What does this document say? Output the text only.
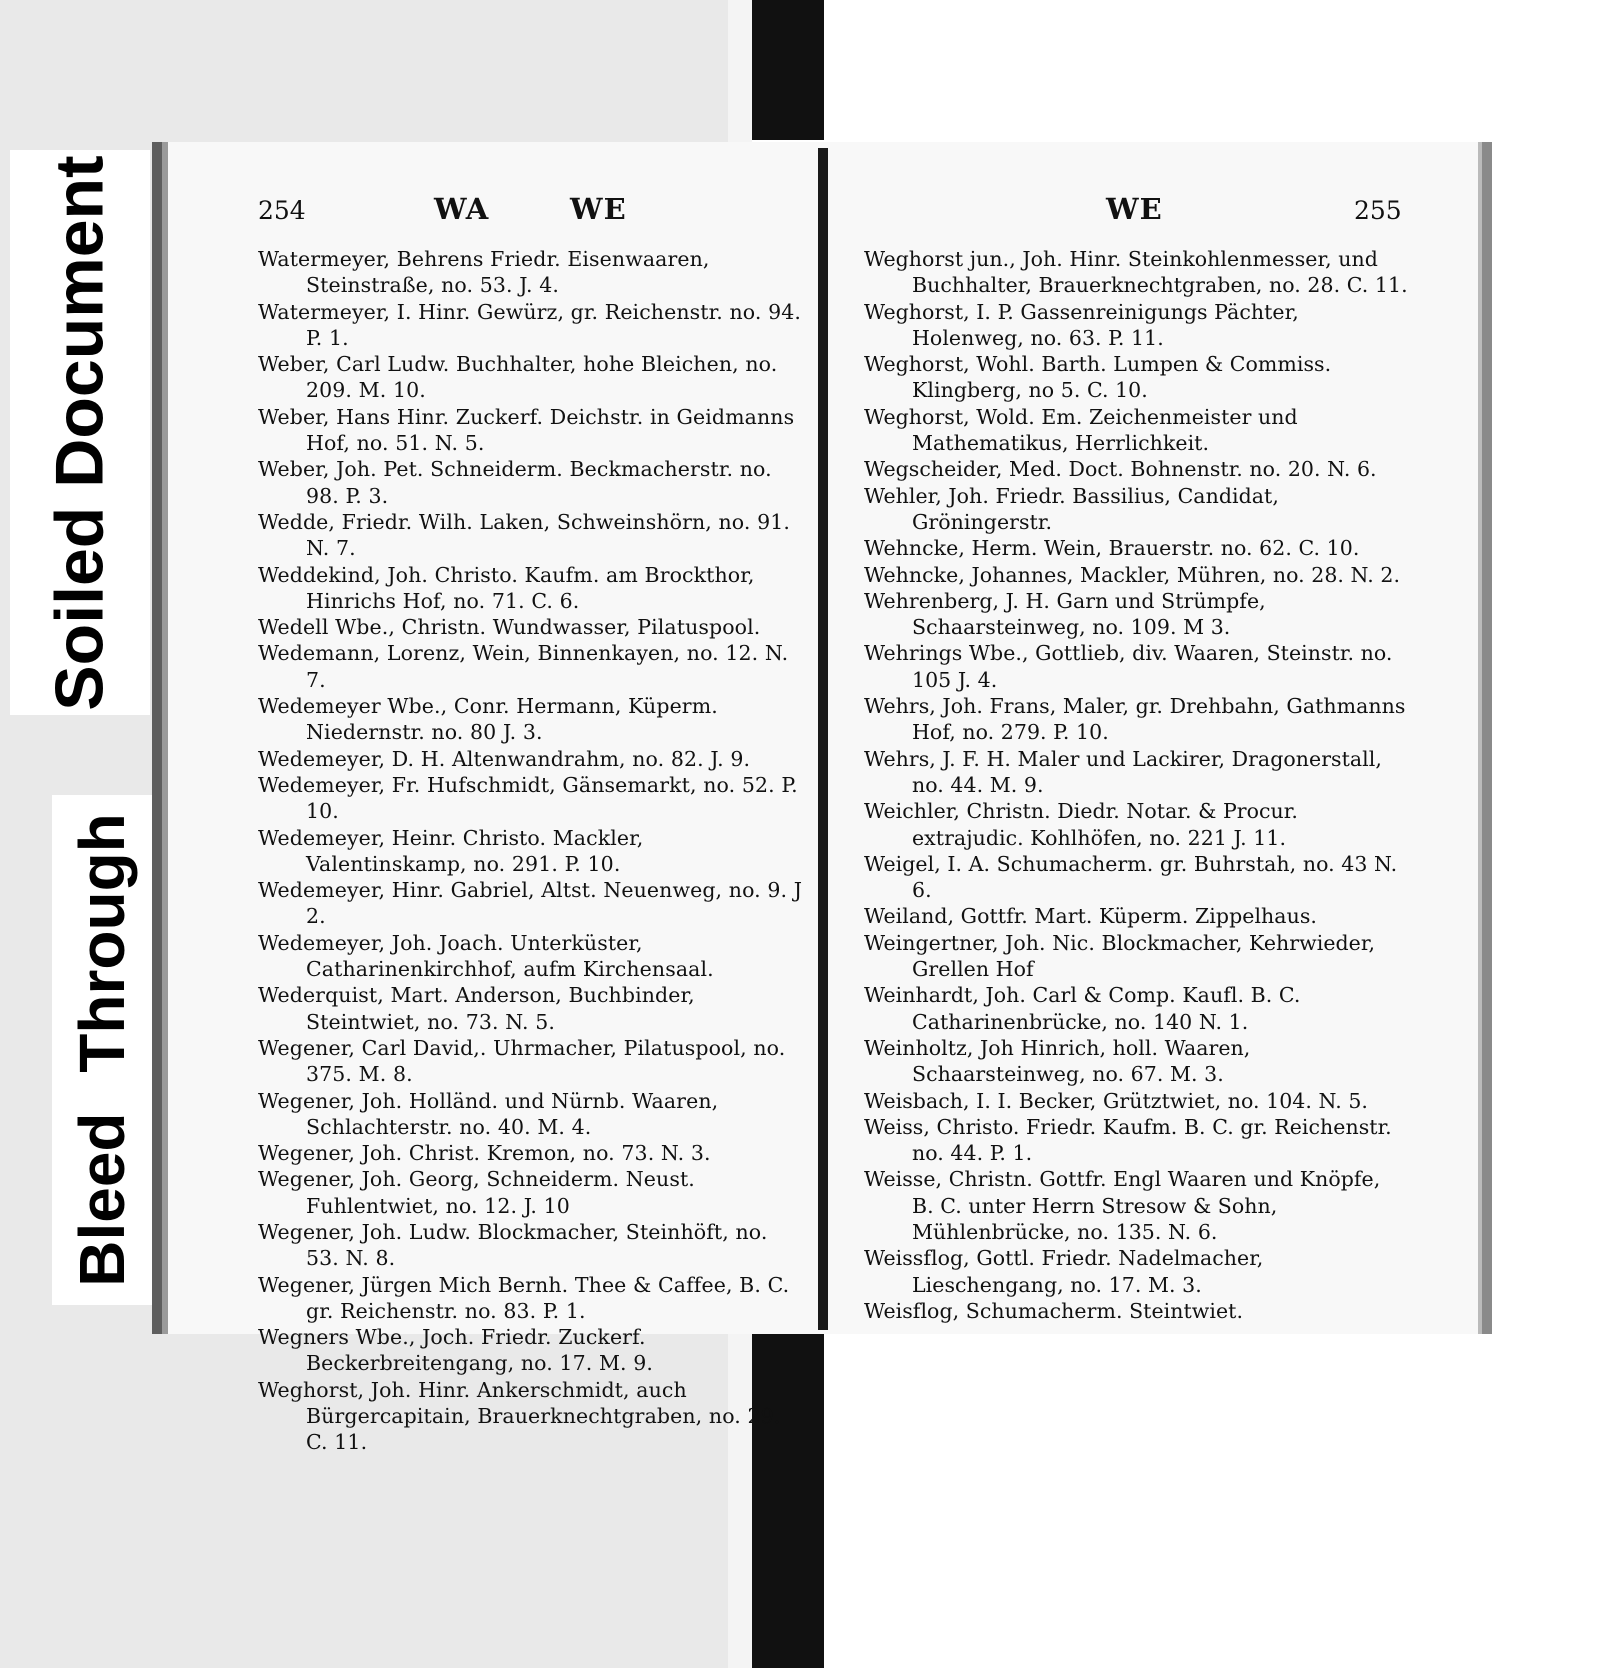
Soiled Document
Bleed Through
254	WA	WE	WE	255

Watermeyer, Behrens Friedr. Eisenwaaren, Steinstraße, no. 53. J. 4.

Watermeyer, I. Hinr. Gewürz, gr. Reichenstr. no. 94. P. 1.

Weber, Carl Ludw. Buchhalter, hohe Bleichen, no. 209. M. 10.

Weber, Hans Hinr. Zuckerf. Deichstr. in Geidmanns Hof, no. 51. N. 5.

Weber, Joh. Pet. Schneiderm. Beckmacherstr. no. 98. P. 3.

Wedde, Friedr. Wilh. Laken, Schweinshörn, no. 91. N. 7.

Weddekind, Joh. Christo. Kaufm. am Brockthor, Hinrichs Hof, no. 71. C. 6.

Wedell Wbe., Christn. Wundwasser, Pilatuspool.

Wedemann, Lorenz, Wein, Binnenkayen, no. 12. N. 7.

Wedemeyer Wbe., Conr. Hermann, Küperm. Niedernstr. no. 80 J. 3.

Wedemeyer, D. H. Altenwandrahm, no. 82. J. 9.

Wedemeyer, Fr. Hufschmidt, Gänsemarkt, no. 52. P. 10.

Wedemeyer, Heinr. Christo. Mackler, Valentinskamp, no. 291. P. 10.

Wedemeyer, Hinr. Gabriel, Altst. Neuenweg, no. 9. J 2.

Wedemeyer, Joh. Joach. Unterküster, Catharinenkirchhof, aufm Kirchensaal.

Wederquist, Mart. Anderson, Buchbinder, Steintwiet, no. 73. N. 5.

Wegener, Carl David,. Uhrmacher, Pilatuspool, no. 375. M. 8.

Wegener, Joh. Holländ. und Nürnb. Waaren, Schlachterstr. no. 40. M. 4.

Wegener, Joh. Christ. Kremon, no. 73. N. 3.

Wegener, Joh. Georg, Schneiderm. Neust. Fuhlentwiet, no. 12. J. 10

Wegener, Joh. Ludw. Blockmacher, Steinhöft, no. 53. N. 8.

Wegener, Jürgen Mich Bernh. Thee & Caffee, B. C. gr. Reichenstr. no. 83. P. 1.

Wegners Wbe., Joch. Friedr. Zuckerf. Beckerbreitengang, no. 17. M. 9.

Weghorst, Joh. Hinr. Ankerschmidt, auch Bürgercapitain, Brauerknechtgraben, no. 29. C. 11.

Weghorst jun., Joh. Hinr. Steinkohlenmesser, und Buchhalter, Brauerknechtgraben, no. 28. C. 11.

Weghorst, I. P. Gassenreinigungs Pächter, Holenweg, no. 63. P. 11.

Weghorst, Wohl. Barth. Lumpen & Commiss. Klingberg, no 5. C. 10.

Weghorst, Wold. Em. Zeichenmeister und Mathematikus, Herrlichkeit.

Wegscheider, Med. Doct. Bohnenstr. no. 20. N. 6.

Wehler, Joh. Friedr. Bassilius, Candidat, Gröningerstr.

Wehncke, Herm. Wein, Brauerstr. no. 62. C. 10.

Wehncke, Johannes, Mackler, Mühren, no. 28. N. 2.

Wehrenberg, J. H. Garn und Strümpfe, Schaarsteinweg, no. 109. M 3.

Wehrings Wbe., Gottlieb, div. Waaren, Steinstr. no. 105 J. 4.

Wehrs, Joh. Frans, Maler, gr. Drehbahn, Gathmanns Hof, no. 279. P. 10.

Wehrs, J. F. H. Maler und Lackirer, Dragonerstall, no. 44. M. 9.

Weichler, Christn. Diedr. Notar. & Procur. extrajudic. Kohlhöfen, no. 221 J. 11.

Weigel, I. A. Schumacherm. gr. Buhrstah, no. 43 N. 6.

Weiland, Gottfr. Mart. Küperm. Zippelhaus.

Weingertner, Joh. Nic. Blockmacher, Kehrwieder, Grellen Hof

Weinhardt, Joh. Carl & Comp. Kaufl. B. C. Catharinenbrücke, no. 140 N. 1.

Weinholtz, Joh Hinrich, holl. Waaren, Schaarsteinweg, no. 67. M. 3.

Weisbach, I. I. Becker, Grütztwiet, no. 104. N. 5.

Weiss, Christo. Friedr. Kaufm. B. C. gr. Reichenstr. no. 44. P. 1.

Weisse, Christn. Gottfr. Engl Waaren und Knöpfe, B. C. unter Herrn Stresow & Sohn, Mühlenbrücke, no. 135. N. 6.

Weissflog, Gottl. Friedr. Nadelmacher, Lieschengang, no. 17. M. 3.

Weisflog, Schumacherm. Steintwiet.
